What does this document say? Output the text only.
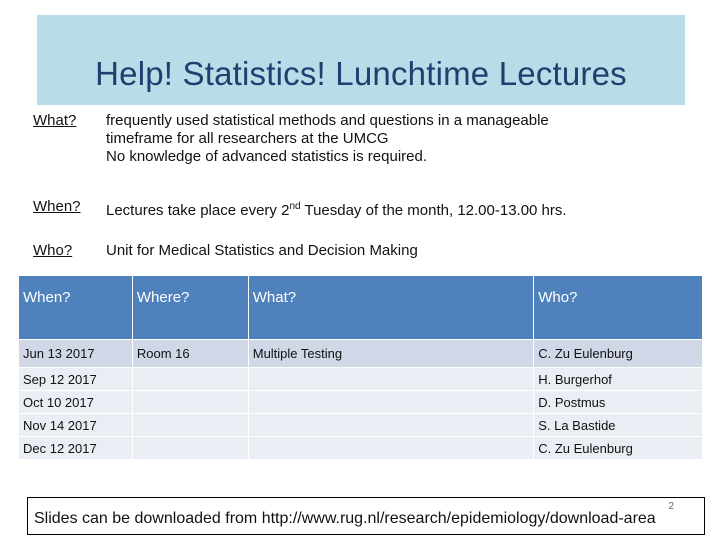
Help! Statistics! Lunchtime Lectures
What? frequently used statistical methods and questions in a manageable
timeframe for all researchers at the UMCG
No knowledge of advanced statistics is required.
When? Lectures take place every 2nd Tuesday of the month, 12.00-13.00 hrs.
Who? Unit for Medical Statistics and Decision Making
When?	Where?	What?	Who?
Jun 13 2017	Room 16	Multiple Testing	C. Zu Eulenburg
Sep 12 2017			H. Burgerhof
Oct 10 2017			D. Postmus
Nov 14 2017			S. La Bastide
Dec 12 2017			C. Zu Eulenburg
Slides can be downloaded from http://www.rug.nl/research/epidemiology/download-area
2
